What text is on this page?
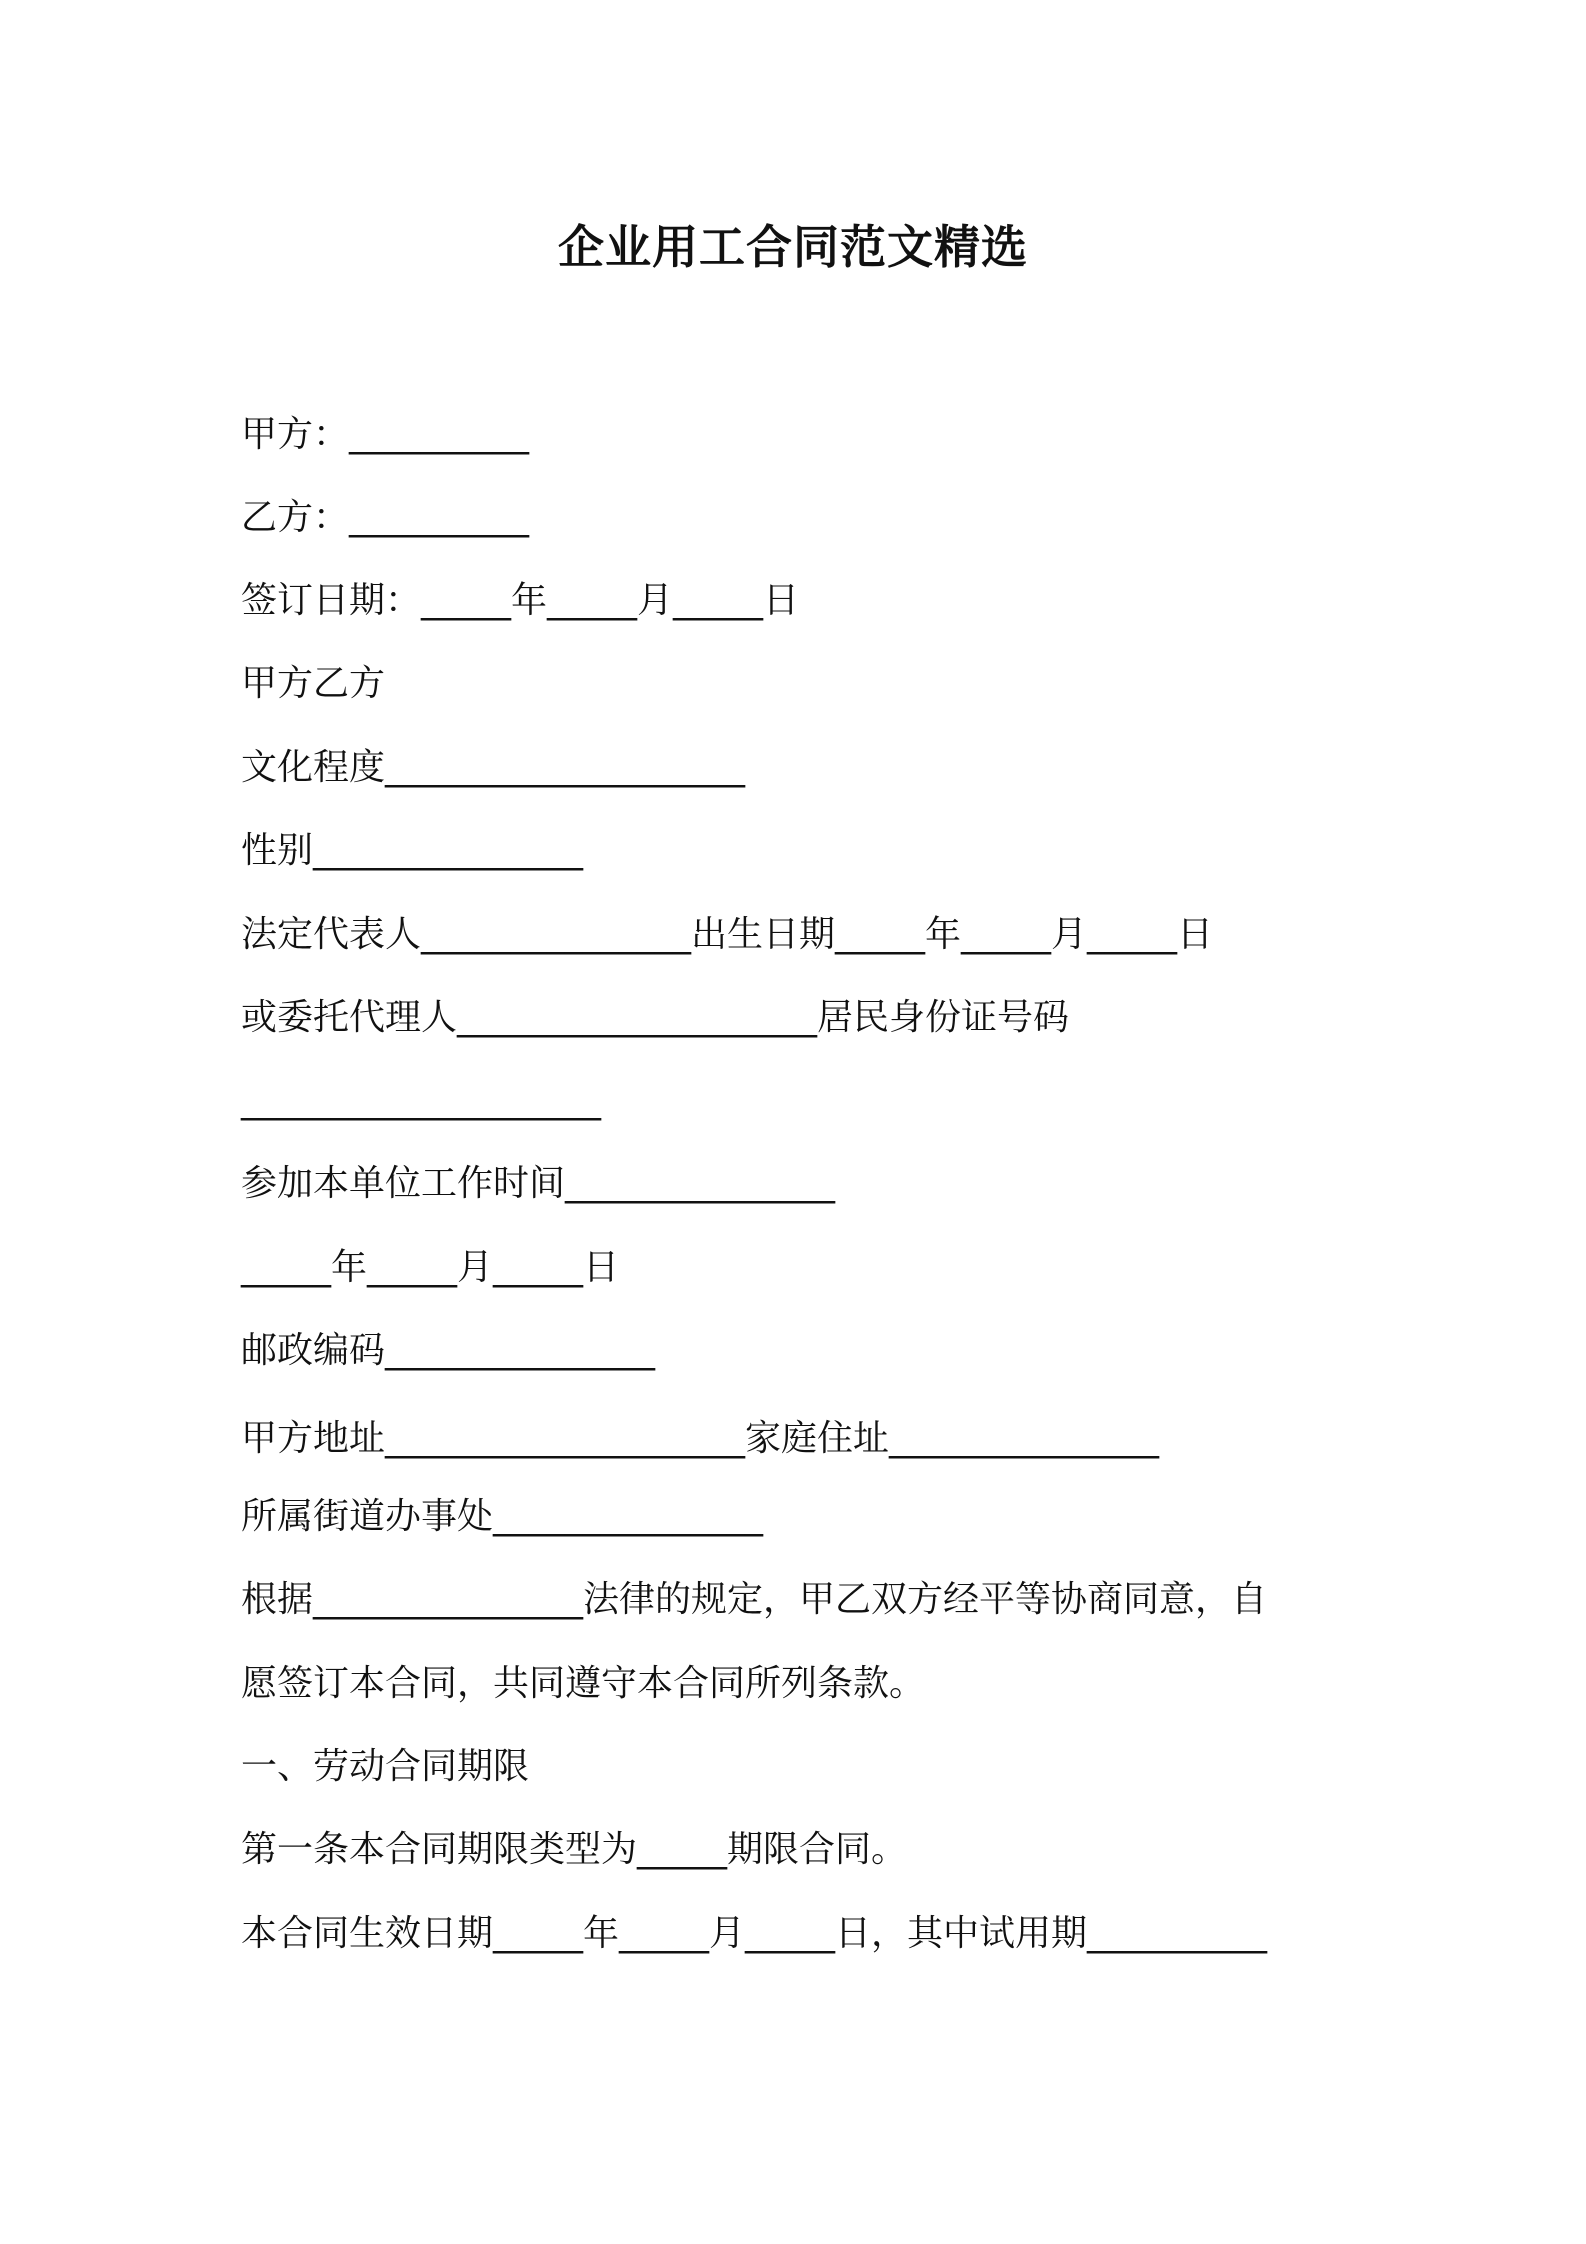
企业用工合同范文精选
甲方：__________
乙方：__________
签订日期：_____年_____月_____日
甲方乙方
文化程度____________________
性别_______________
法定代表人_______________出生日期_____年_____月_____日
或委托代理人____________________居民身份证号码
____________________
参加本单位工作时间_______________
_____年_____月_____日
邮政编码_______________
甲方地址____________________家庭住址_______________
所属街道办事处_______________
根据_______________法律的规定，甲乙双方经平等协商同意，自
愿签订本合同，共同遵守本合同所列条款。
一、劳动合同期限
第一条本合同期限类型为_____期限合同。
本合同生效日期_____年_____月_____日，其中试用期__________
